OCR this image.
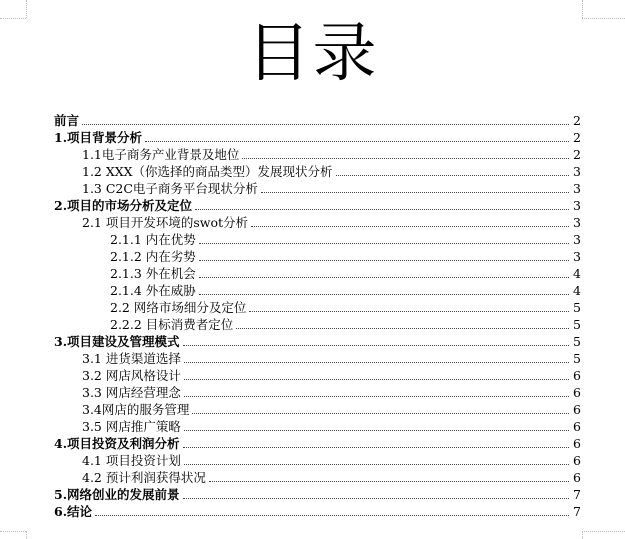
目录
前言	2
1.项目背景分析	2
1.1电子商务产业背景及地位	2
1.2 XXX（你选择的商品类型）发展现状分析	3
1.3 C2C电子商务平台现状分析	3
2.项目的市场分析及定位	3
2.1 项目开发环境的swot分析	3
2.1.1 内在优势	3
2.1.2 内在劣势	3
2.1.3 外在机会	4
2.1.4 外在威胁	4
2.2 网络市场细分及定位	5
2.2.2 目标消费者定位	5
3.项目建设及管理模式	5
3.1 进货渠道选择	5
3.2 网店风格设计	6
3.3 网店经营理念	6
3.4网店的服务管理	6
3.5 网店推广策略	6
4.项目投资及利润分析	6
4.1 项目投资计划	6
4.2 预计利润获得状况	6
5.网络创业的发展前景	7
6.结论	7
